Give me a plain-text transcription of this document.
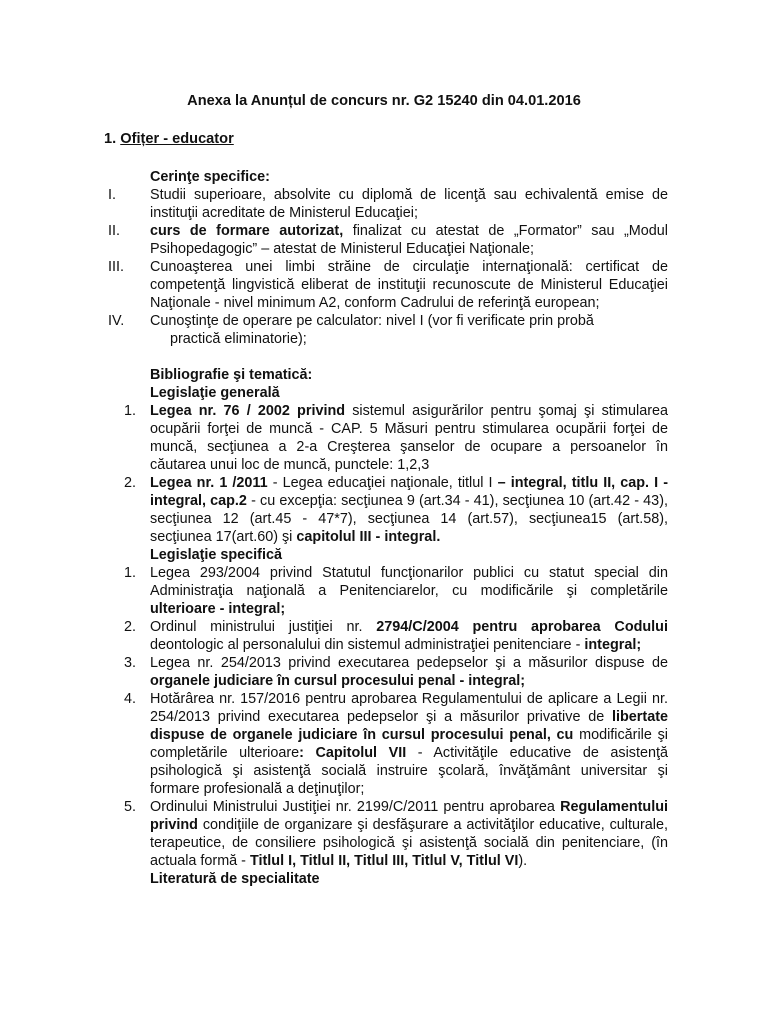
Anexa la Anunțul de concurs nr. G2 15240 din 04.01.2016
1. Ofițer - educator
Cerinţe specifice:
I.	Studii superioare, absolvite cu diplomă de licenţă sau echivalentă emise de instituţii acreditate de Ministerul Educaţiei;
II.	curs de formare autorizat, finalizat cu atestat de „Formator” sau „Modul Psihopedagogic” – atestat de Ministerul Educaţiei Naţionale;
III.	Cunoaşterea unei limbi străine de circulaţie internaţională: certificat de competenţă lingvistică eliberat de instituţii recunoscute de Ministerul Educaţiei Naţionale - nivel minimum A2, conform Cadrului de referinţă european;
IV.	Cunoştinţe de operare pe calculator: nivel I (vor fi verificate prin probă
practică eliminatorie);
Bibliografie şi tematică:
Legislaţie generală
1. Legea nr. 76 / 2002 privind sistemul asigurărilor pentru şomaj şi stimularea ocupării forţei de muncă - CAP. 5 Măsuri pentru stimularea ocupării forţei de muncă, secţiunea a 2-a Creşterea şanselor de ocupare a persoanelor în căutarea unui loc de muncă, punctele: 1,2,3
2. Legea nr. 1 /2011 - Legea educaţiei naţionale, titlul I – integral, titlu II, cap. I - integral, cap.2 - cu excepţia: secţiunea 9 (art.34 - 41), secţiunea 10 (art.42 - 43), secţiunea 12 (art.45 - 47*7), secţiunea 14 (art.57), secţiunea15 (art.58), secţiunea 17(art.60) şi capitolul III - integral.
Legislaţie specifică
1. Legea 293/2004 privind Statutul funcţionarilor publici cu statut special din Administraţia naţională a Penitenciarelor, cu modificările şi completările ulterioare - integral;
2. Ordinul ministrului justiţiei nr. 2794/C/2004 pentru aprobarea Codului deontologic al personalului din sistemul administraţiei penitenciare - integral;
3. Legea nr. 254/2013 privind executarea pedepselor şi a măsurilor dispuse de organele judiciare în cursul procesului penal - integral;
4. Hotărârea nr. 157/2016 pentru aprobarea Regulamentului de aplicare a Legii nr. 254/2013 privind executarea pedepselor şi a măsurilor privative de libertate dispuse de organele judiciare în cursul procesului penal, cu modificările şi completările ulterioare: Capitolul VII - Activităţile educative de asistenţă psihologică şi asistenţă socială instruire şcolară, învăţământ universitar şi formare profesională a deţinuţilor;
5. Ordinului Ministrului Justiţiei nr. 2199/C/2011 pentru aprobarea Regulamentului privind condiţiile de organizare şi desfăşurare a activităţilor educative, culturale, terapeutice, de consiliere psihologică şi asistenţă socială din penitenciare, (în actuala formă - Titlul I, Titlul II, Titlul III, Titlul V, Titlul VI).
Literatură de specialitate
